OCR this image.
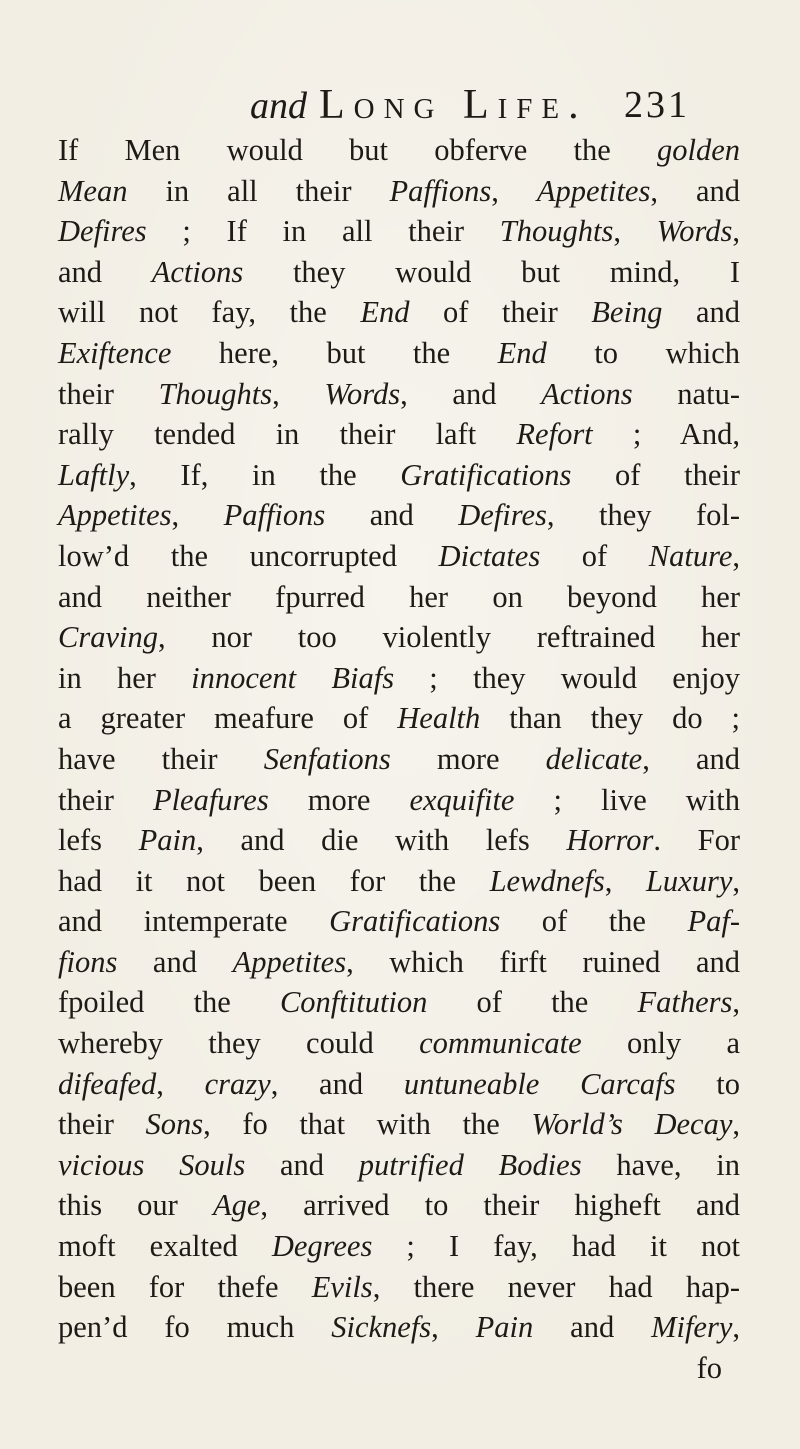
and Long Life. 231
If Men would but obferve the golden
Mean in all their Paffions, Appetites, and
Defires ; If in all their Thoughts, Words,
and Actions they would but mind, I
will not fay, the End of their Being and
Exiftence here, but the End to which
their Thoughts, Words, and Actions natu-
rally tended in their laft Refort ; And,
Laftly, If, in the Gratifications of their
Appetites, Paffions and Defires, they fol-
low’d the uncorrupted Dictates of Nature,
and neither fpurred her on beyond her
Craving, nor too violently reftrained her
in her innocent Biafs ; they would enjoy
a greater meafure of Health than they do ;
have their Senfations more delicate, and
their Pleafures more exquifite ; live with
lefs Pain, and die with lefs Horror. For
had it not been for the Lewdnefs, Luxury,
and intemperate Gratifications of the Paf-
fions and Appetites, which firft ruined and
fpoiled the Conftitution of the Fathers,
whereby they could communicate only a
difeafed, crazy, and untuneable Carcafs to
their Sons, fo that with the World’s Decay,
vicious Souls and putrified Bodies have, in
this our Age, arrived to their higheft and
moft exalted Degrees ; I fay, had it not
been for thefe Evils, there never had hap-
pen’d fo much Sicknefs, Pain and Mifery,
fo
